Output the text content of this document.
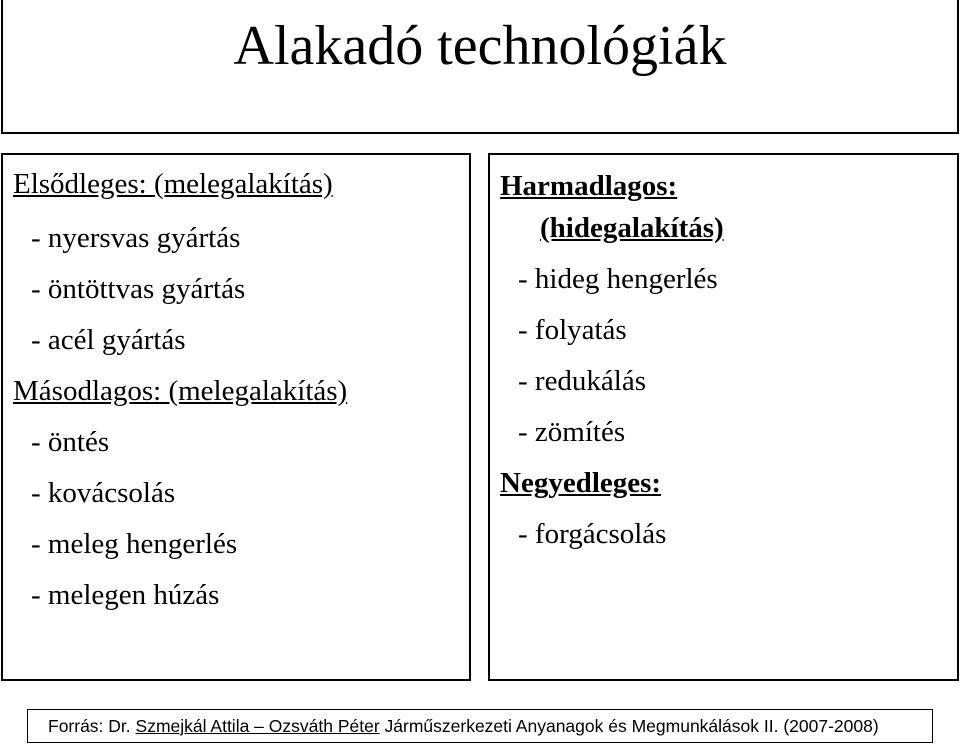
Alakadó technológiák
Elsődleges: (melegalakítás)
- nyersvas gyártás
- öntöttvas gyártás
- acél gyártás
Másodlagos: (melegalakítás)
- öntés
- kovácsolás
- meleg hengerlés
- melegen húzás
Harmadlagos:
(hidegalakítás)
- hideg hengerlés
- folyatás
- redukálás
- zömítés
Negyedleges:
- forgácsolás
Forrás: Dr. Szmejkál Attila – Ozsváth Péter Járműszerkezeti Anyanagok és Megmunkálások II. (2007-2008)
